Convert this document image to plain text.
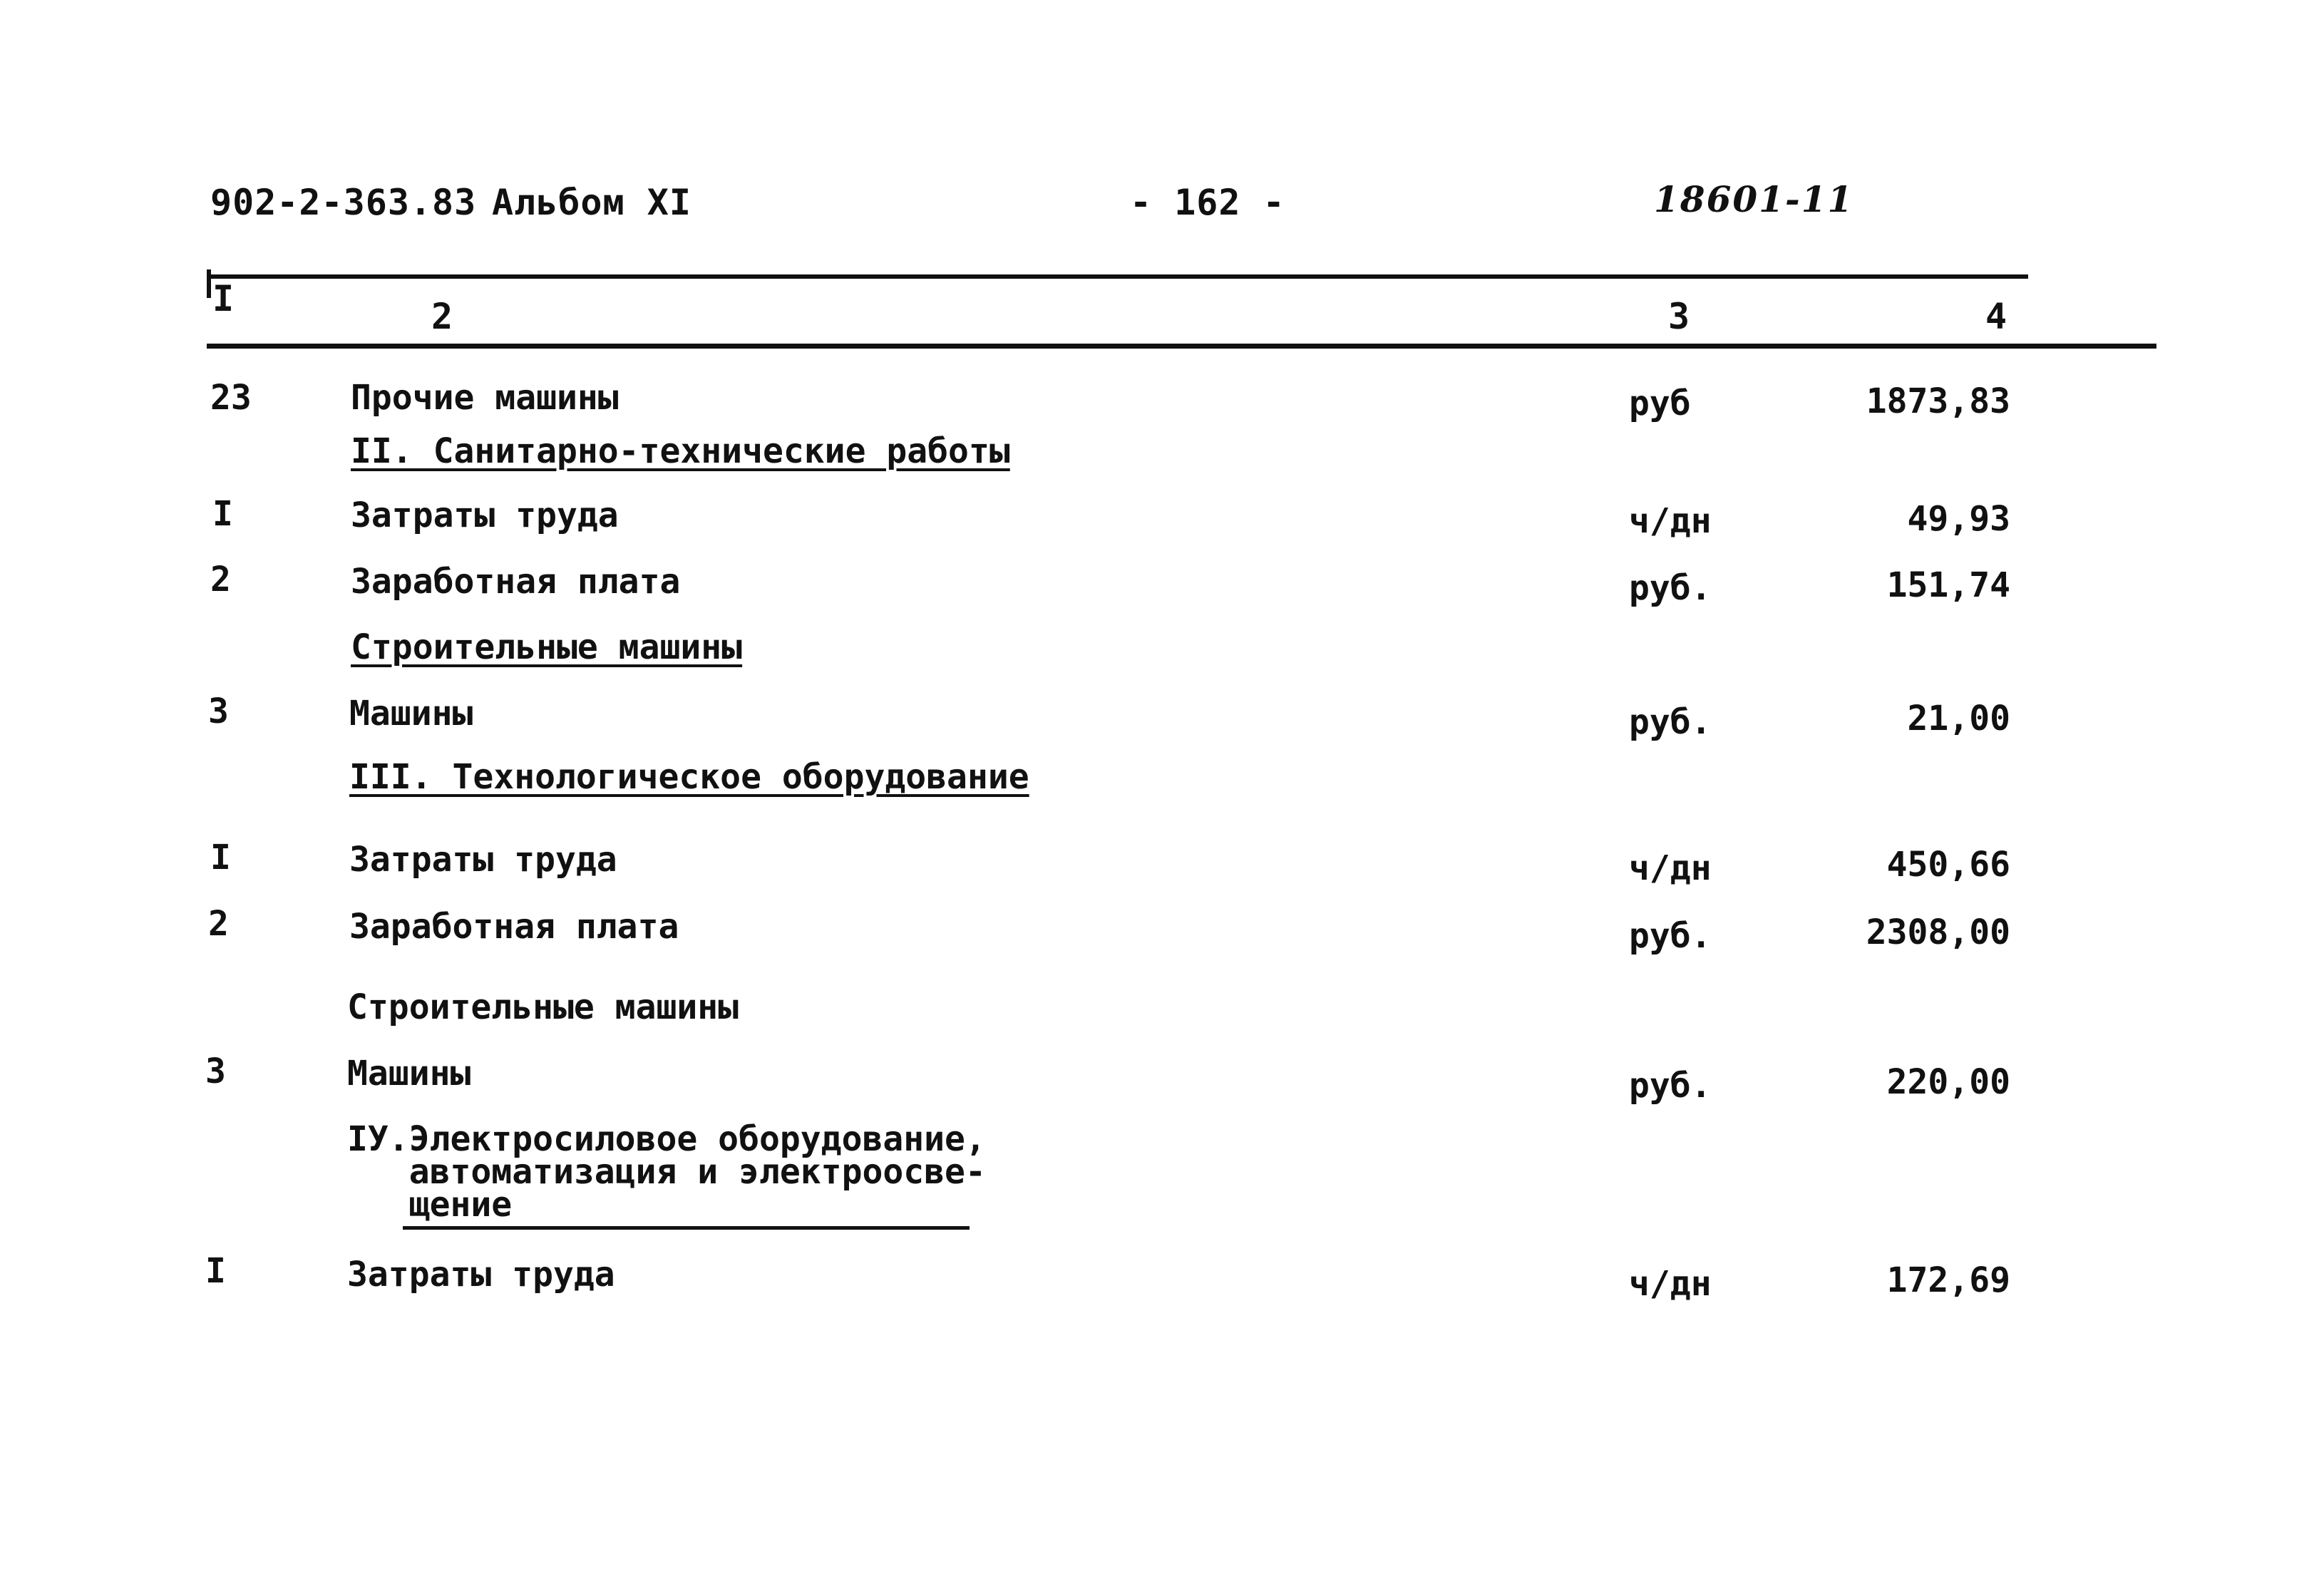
902-2-363.83 Альбом XI	- 162 -	18601-11
I	2	3	4
23	Прочие машины	руб	1873,83
II. Санитарно-технические работы
I	Затраты труда	ч/дн	49,93
2	Заработная плата	руб.	151,74
Строительные машины
3	Машины	руб.	21,00
III. Технологическое оборудование
I	Затраты труда	ч/дн	450,66
2	Заработная плата	руб.	2308,00
Строительные машины
3	Машины	руб.	220,00
IУ.Электросиловое оборудование,
автоматизация и электроосве-
щение
I	Затраты труда	ч/дн	172,69
